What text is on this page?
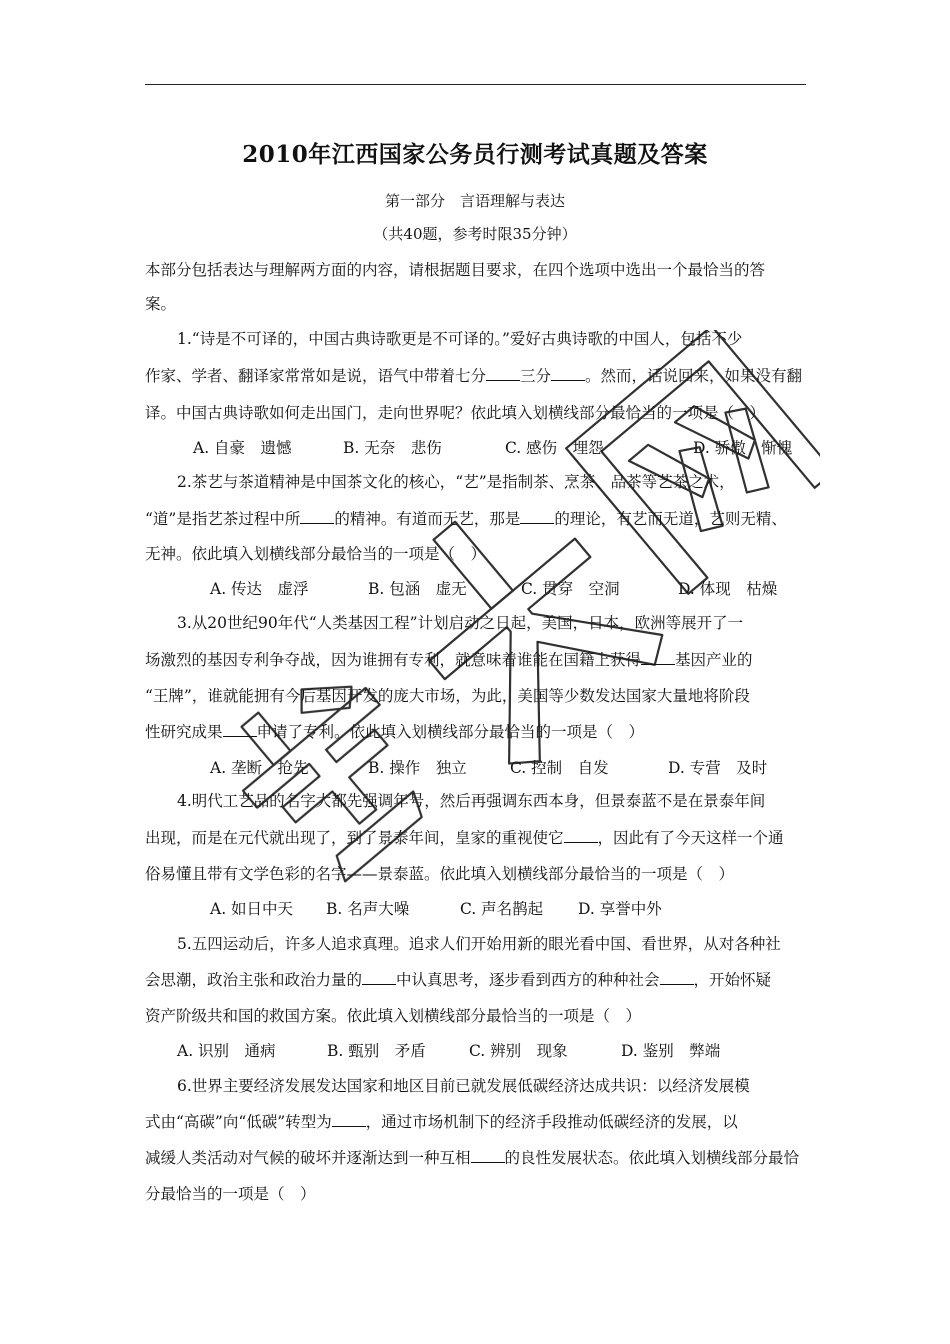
2010年江西国家公务员行测考试真题及答案
第一部分　言语理解与表达
（共40题，参考时限35分钟）
本部分包括表达与理解两方面的内容，请根据题目要求，在四个选项中选出一个最恰当的答
案。
1.“诗是不可译的，中国古典诗歌更是不可译的。”爱好古典诗歌的中国人，包括不少
作家、学者、翻译家常常如是说，语气中带着七分 三分 。然而，话说回来，如果没有翻
译。中国古典诗歌如何走出国门，走向世界呢？依此填入划横线部分最恰当的一项是（　）
A. 自豪　遗憾	B. 无奈　悲伤	C. 感伤　埋怨	D. 骄傲　惭愧
2.茶艺与茶道精神是中国茶文化的核心，“艺”是指制茶、烹茶、品茶等艺茶之术，
“道”是指艺茶过程中所 的精神。有道而无艺，那是 的理论，有艺而无道，艺则无精、
无神。依此填入划横线部分最恰当的一项是（　）
A. 传达　虚浮	B. 包涵　虚无	C. 贯穿　空洞	D. 体现　枯燥
3.从20世纪90年代“人类基因工程”计划启动之日起，美国，日本，欧洲等展开了一
场激烈的基因专利争夺战，因为谁拥有专利，就意味着谁能在国籍上获得 基因产业的
“王牌”，谁就能拥有今后基因开发的庞大市场，为此，美国等少数发达国家大量地将阶段
性研究成果 申请了专利。依此填入划横线部分最恰当的一项是（　）
A. 垄断　抢先	B. 操作　独立	C. 控制　自发	D. 专营　及时
4.明代工艺品的名字大都先强调年号，然后再强调东西本身，但景泰蓝不是在景泰年间
出现，而是在元代就出现了，到了景泰年间，皇家的重视使它 ，因此有了今天这样一个通
俗易懂且带有文学色彩的名字——景泰蓝。依此填入划横线部分最恰当的一项是（　）
A. 如日中天 B. 名声大噪	C. 声名鹊起 D. 享誉中外
5.五四运动后，许多人追求真理。追求人们开始用新的眼光看中国、看世界，从对各种社
会思潮，政治主张和政治力量的 中认真思考，逐步看到西方的种种社会 ，开始怀疑
资产阶级共和国的救国方案。依此填入划横线部分最恰当的一项是（　）
A. 识别　通病	B. 甄别　矛盾	C. 辨别　现象	D. 鉴别　弊端
6.世界主要经济发展发达国家和地区目前已就发展低碳经济达成共识：以经济发展模
式由“高碳”向“低碳”转型为 ，通过市场机制下的经济手段推动低碳经济的发展，以
减缓人类活动对气候的破坏并逐渐达到一种互相 的良性发展状态。依此填入划横线部分最恰
分最恰当的一项是（　）
